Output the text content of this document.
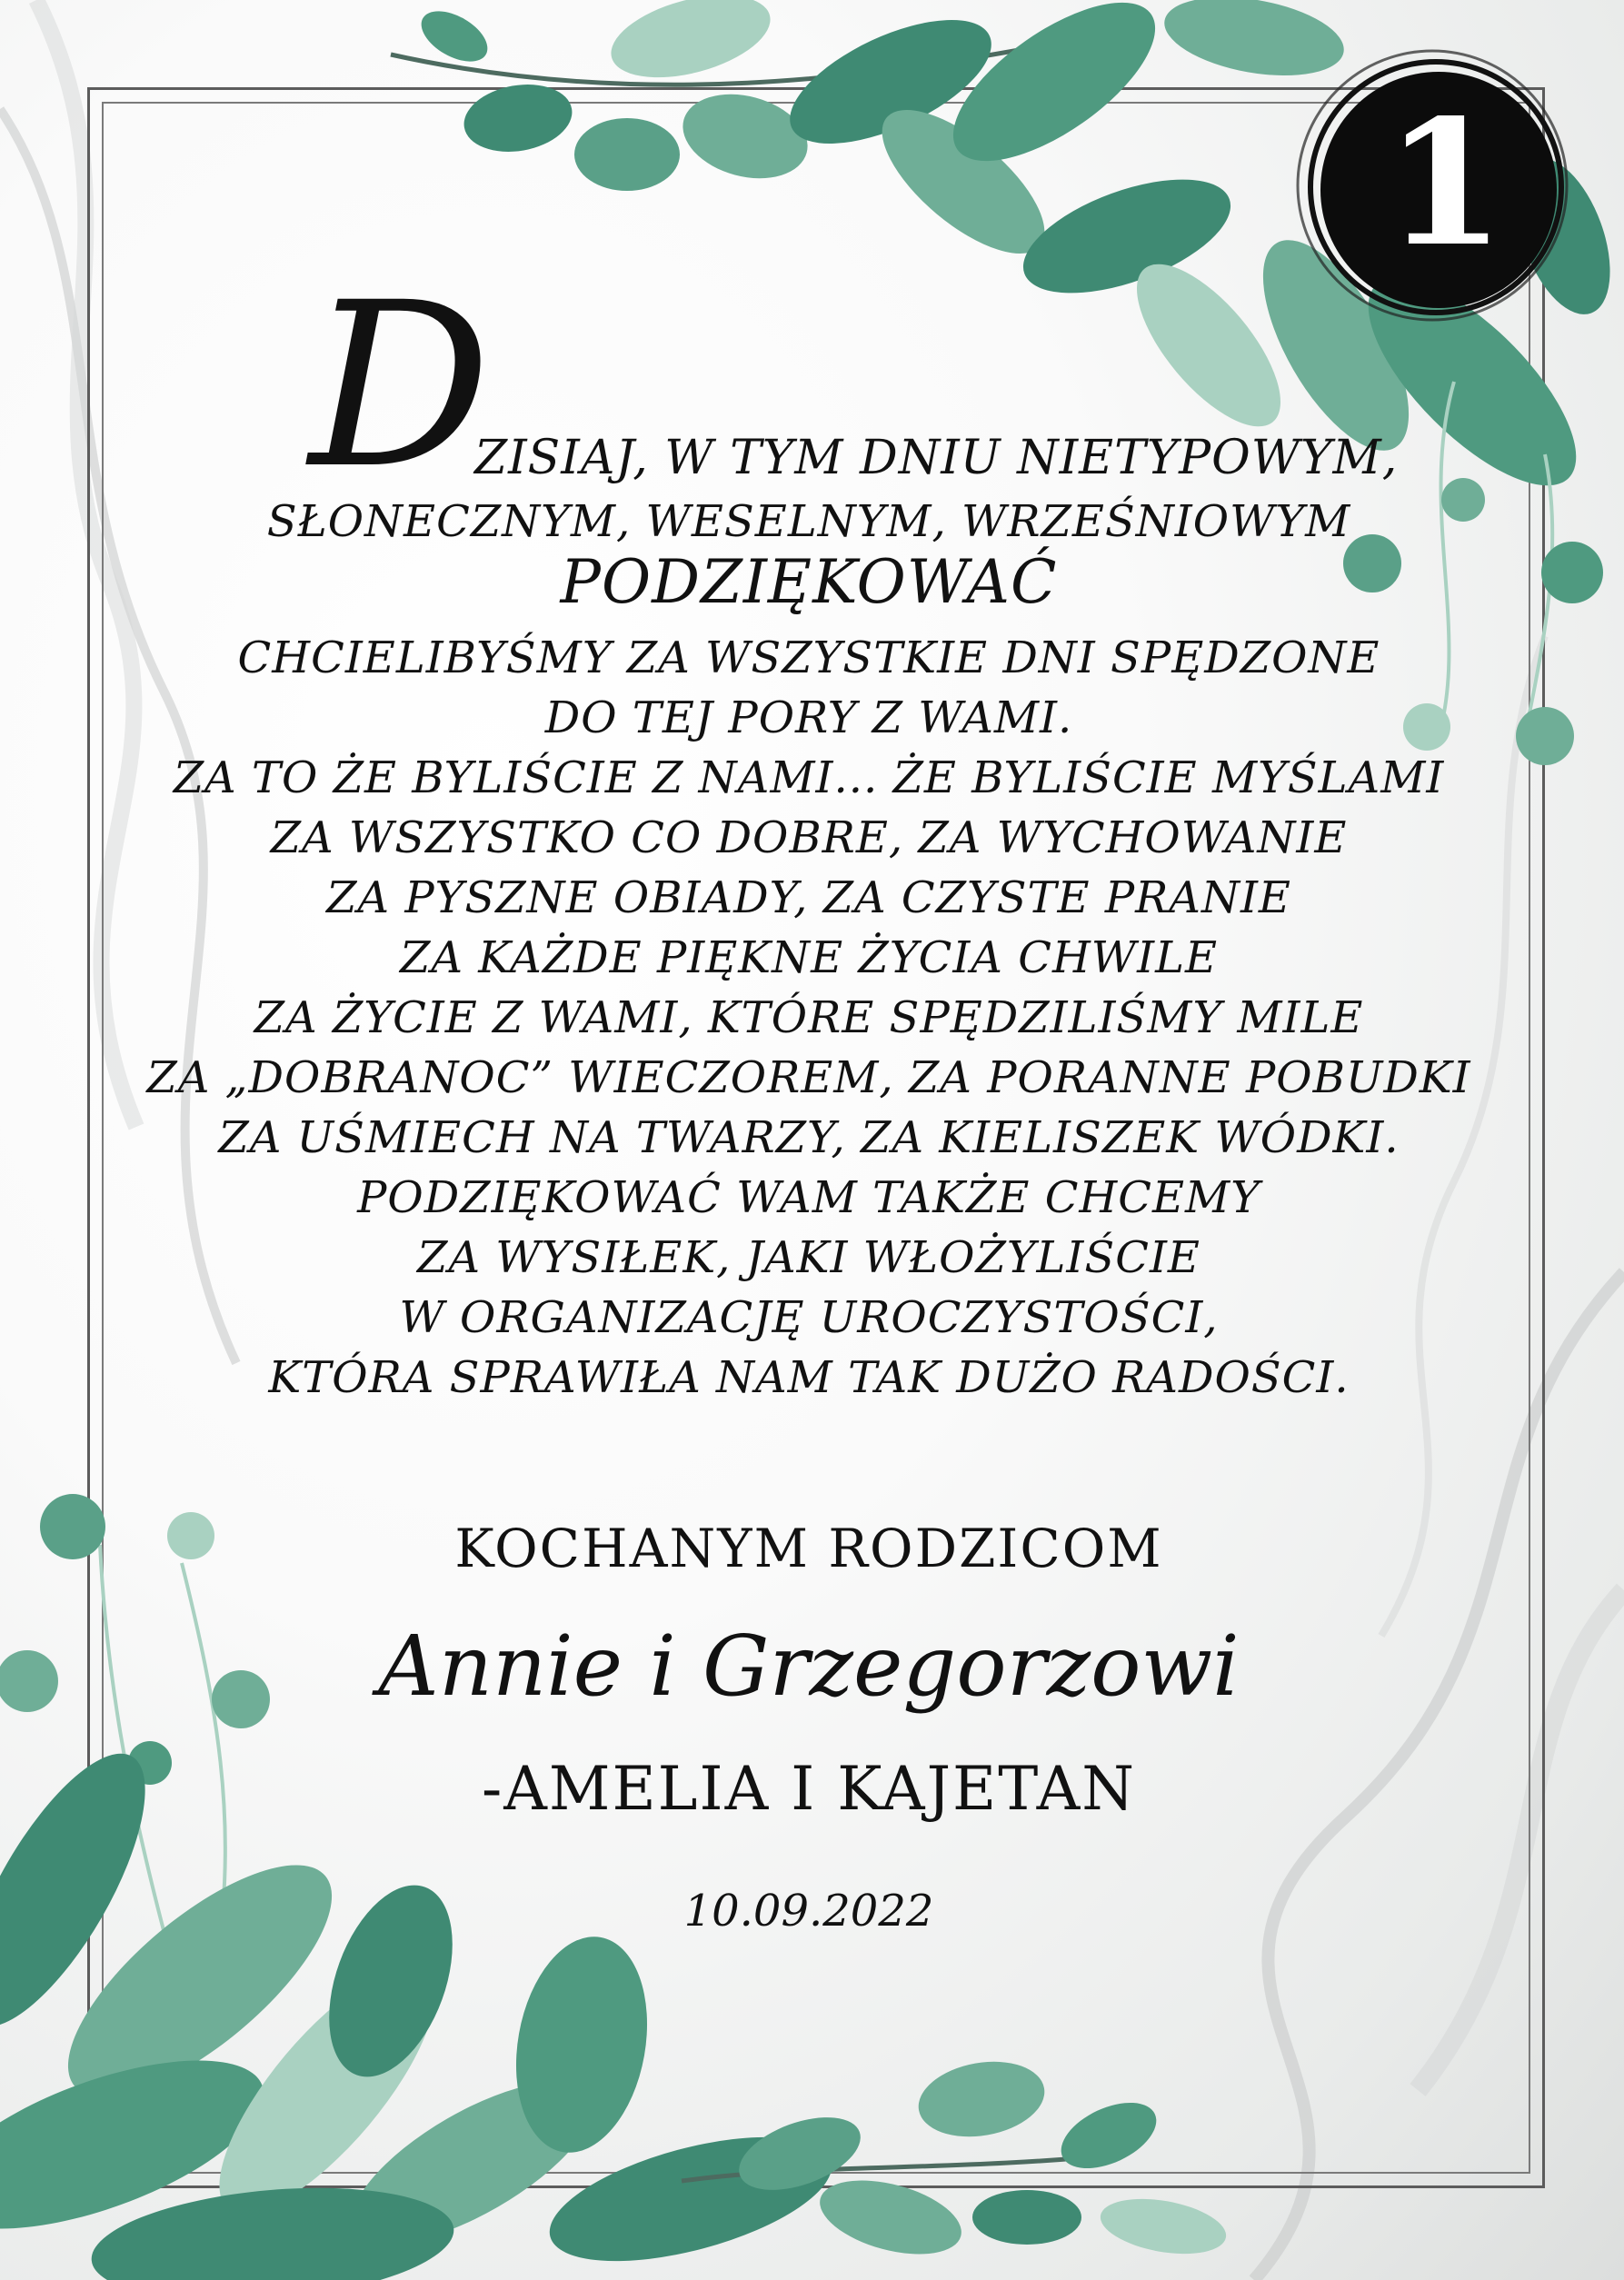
1
D
ZISIAJ, W TYM DNIU NIETYPOWYM,
SŁONECZNYM, WESELNYM, WRZEŚNIOWYM
PODZIĘKOWAĆ
CHCIELIBYŚMY ZA WSZYSTKIE DNI SPĘDZONE
DO TEJ PORY Z WAMI.
ZA TO ŻE BYLIŚCIE Z NAMI... ŻE BYLIŚCIE MYŚLAMI
ZA WSZYSTKO CO DOBRE, ZA WYCHOWANIE
ZA PYSZNE OBIADY, ZA CZYSTE PRANIE
ZA KAŻDE PIĘKNE ŻYCIA CHWILE
ZA ŻYCIE Z WAMI, KTÓRE SPĘDZILIŚMY MILE
ZA „DOBRANOC” WIECZOREM, ZA PORANNE POBUDKI
ZA UŚMIECH NA TWARZY, ZA KIELISZEK WÓDKI.
PODZIĘKOWAĆ WAM TAKŻE CHCEMY
ZA WYSIŁEK, JAKI WŁOŻYLIŚCIE
W ORGANIZACJĘ UROCZYSTOŚCI,
KTÓRA SPRAWIŁA NAM TAK DUŻO RADOŚCI.
KOCHANYM RODZICOM
Annie i Grzegorzowi
-AMELIA I KAJETAN
10.09.2022
